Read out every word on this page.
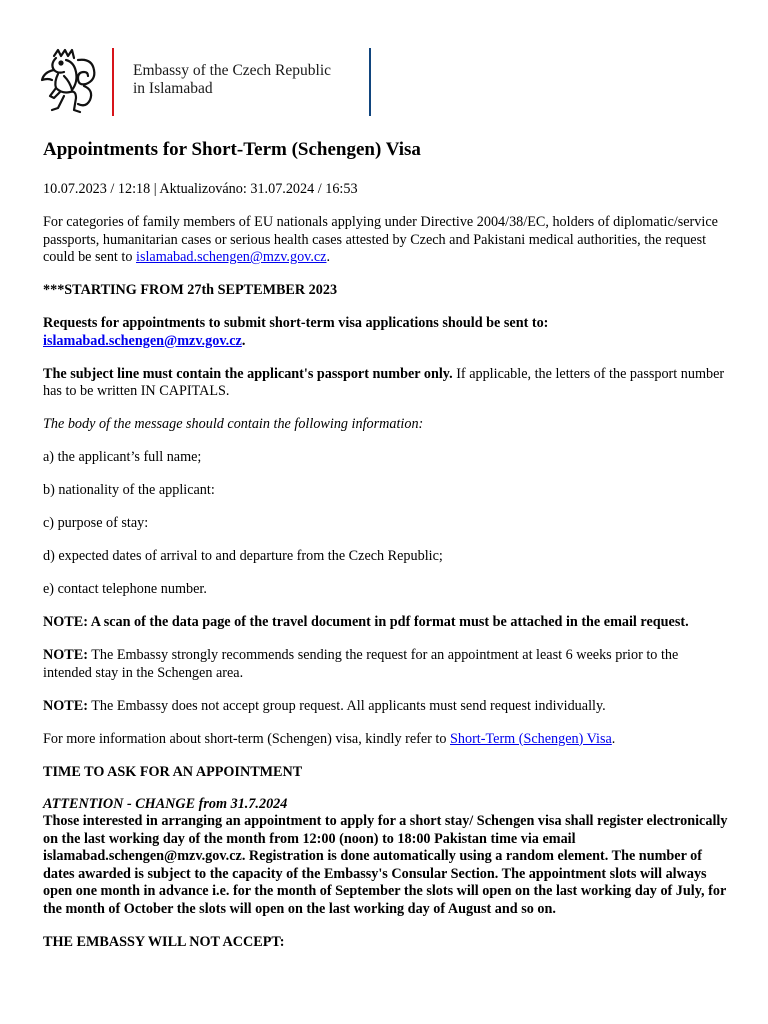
Embassy of the Czech Republic
in Islamabad
Appointments for Short-Term (Schengen) Visa

10.07.2023 / 12:18 | Aktualizováno: 31.07.2024 / 16:53

For categories of family members of EU nationals applying under Directive 2004/38/EC, holders of diplomatic/service passports, humanitarian cases or serious health cases attested by Czech and Pakistani medical authorities, the request could be sent to islamabad.schengen@mzv.gov.cz.

***STARTING FROM 27th SEPTEMBER 2023

Requests for appointments to submit short-term visa applications should be sent to: islamabad.schengen@mzv.gov.cz.

The subject line must contain the applicant's passport number only. If applicable, the letters of the passport number has to be written IN CAPITALS.

The body of the message should contain the following information:

a) the applicant’s full name;

b) nationality of the applicant:

c) purpose of stay:

d) expected dates of arrival to and departure from the Czech Republic;

e) contact telephone number.

NOTE: A scan of the data page of the travel document in pdf format must be attached in the email request.

NOTE: The Embassy strongly recommends sending the request for an appointment at least 6 weeks prior to the intended stay in the Schengen area.

NOTE: The Embassy does not accept group request. All applicants must send request individually.

For more information about short-term (Schengen) visa, kindly refer to Short-Term (Schengen) Visa.

TIME TO ASK FOR AN APPOINTMENT

ATTENTION - CHANGE from 31.7.2024
Those interested in arranging an appointment to apply for a short stay/ Schengen visa shall register electronically on the last working day of the month from 12:00 (noon) to 18:00 Pakistan time via email islamabad.schengen@mzv.gov.cz. Registration is done automatically using a random element. The number of dates awarded is subject to the capacity of the Embassy's Consular Section. The appointment slots will always open one month in advance i.e. for the month of September the slots will open on the last working day of July, for the month of October the slots will open on the last working day of August and so on.

THE EMBASSY WILL NOT ACCEPT:
